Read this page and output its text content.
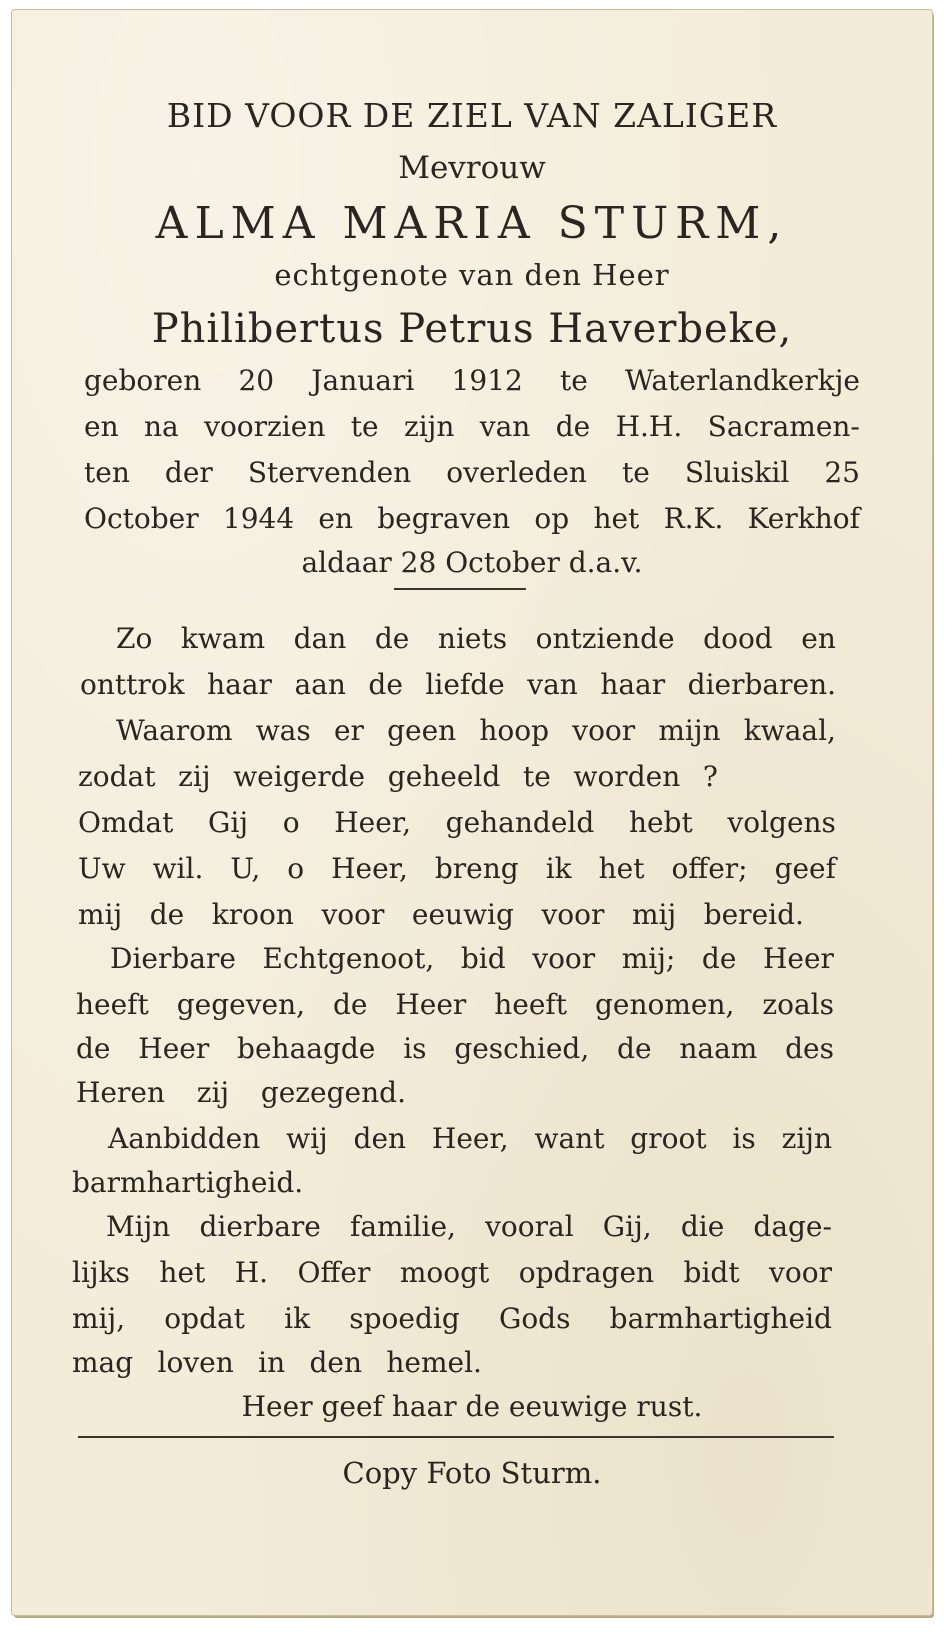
BID VOOR DE ZIEL VAN ZALIGER
Mevrouw
ALMA MARIA STURM,
echtgenote van den Heer
Philibertus Petrus Haverbeke,
geboren 20 Januari 1912 te Waterlandkerkje
en na voorzien te zijn van de H.H. Sacramen-
ten der Stervenden overleden te Sluiskil 25
October 1944 en begraven op het R.K. Kerkhof
aldaar 28 October d.a.v.
Zo kwam dan de niets ontziende dood en
onttrok haar aan de liefde van haar dierbaren.
Waarom was er geen hoop voor mijn kwaal,
zodat zij weigerde geheeld te worden ?
Omdat Gij o Heer, gehandeld hebt volgens
Uw wil. U, o Heer, breng ik het offer; geef
mij de kroon voor eeuwig voor mij bereid.
Dierbare Echtgenoot, bid voor mij; de Heer
heeft gegeven, de Heer heeft genomen, zoals
de Heer behaagde is geschied, de naam des
Heren zij gezegend.
Aanbidden wij den Heer, want groot is zijn
barmhartigheid.
Mijn dierbare familie, vooral Gij, die dage-
lijks het H. Offer moogt opdragen bidt voor
mij, opdat ik spoedig Gods barmhartigheid
mag loven in den hemel.
Heer geef haar de eeuwige rust.
Copy Foto Sturm.
